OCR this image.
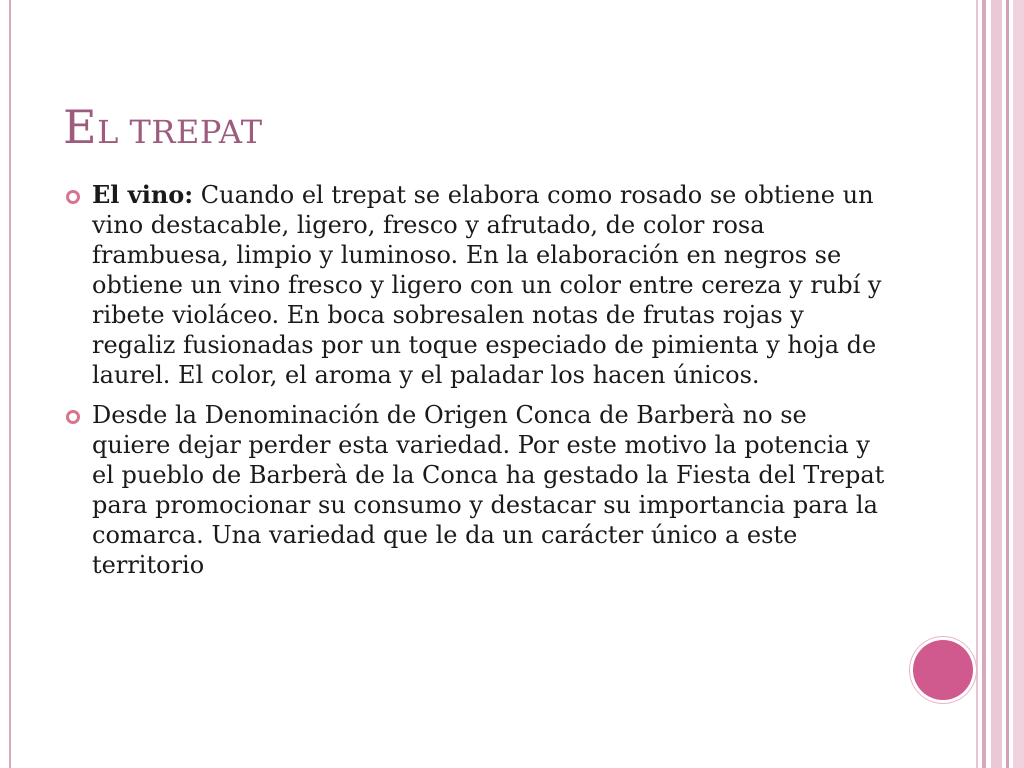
EL TREPAT
El vino: Cuando el trepat se elabora como rosado se obtiene un vino destacable, ligero, fresco y afrutado, de color rosa frambuesa, limpio y luminoso. En la elaboración en negros se obtiene un vino fresco y ligero con un color entre cereza y rubí y ribete violáceo. En boca sobresalen notas de frutas rojas y regaliz fusionadas por un toque especiado de pimienta y hoja de laurel. El color, el aroma y el paladar los hacen únicos.
Desde la Denominación de Origen Conca de Barberà no se quiere dejar perder esta variedad. Por este motivo la potencia y el pueblo de Barberà de la Conca ha gestado la Fiesta del Trepat para promocionar su consumo y destacar su importancia para la comarca. Una variedad que le da un carácter único a este territorio
